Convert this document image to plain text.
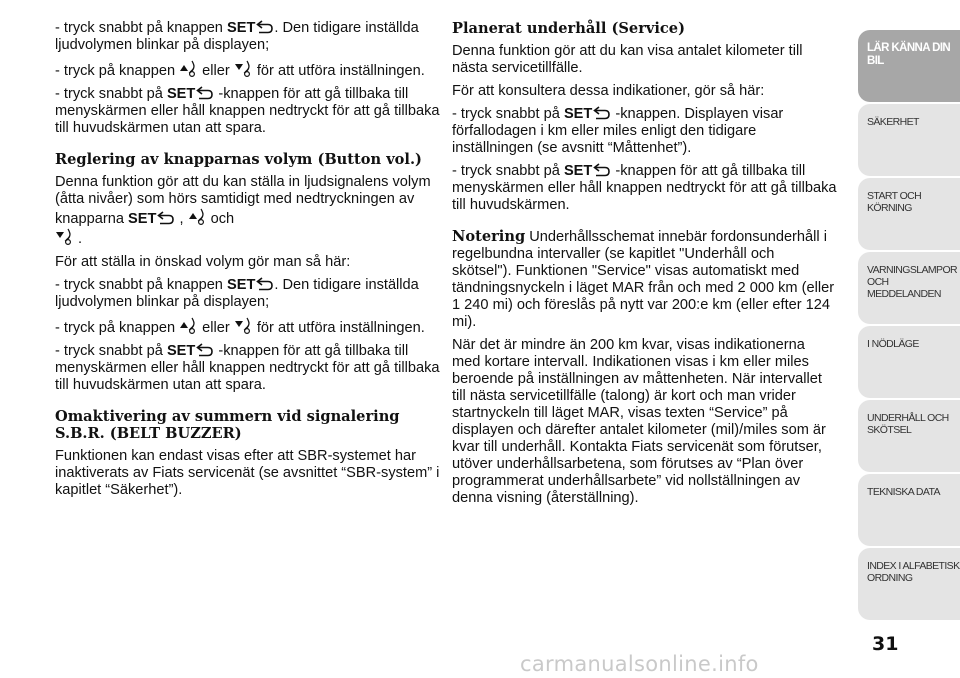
- tryck snabbt på knappen SET . Den tidigare inställda ljudvolymen blinkar på displayen;

- tryck på knappen
eller
för att utföra inställningen.

- tryck snabbt på SET
-knappen för att gå tillbaka till menyskärmen eller håll knappen nedtryckt för att gå tillbaka till huvudskärmen utan att spara.

Reglering av knapparnas volym (Button vol.)

Denna funktion gör att du kan ställa in ljudsignalens volym (åtta nivåer) som hörs samtidigt med nedtryckningen av knapparna SET
,
och

.

För att ställa in önskad volym gör man så här:

- tryck snabbt på knappen SET . Den tidigare inställda ljudvolymen blinkar på displayen;

- tryck på knappen
eller
för att utföra inställningen.

- tryck snabbt på SET
-knappen för att gå tillbaka till menyskärmen eller håll knappen nedtryckt för att gå tillbaka till huvudskärmen utan att spara.

Omaktivering av summern vid signalering S.B.R. (BELT BUZZER)

Funktionen kan endast visas efter att SBR-systemet har inaktiverats av Fiats servicenät (se avsnittet “SBR-system” i kapitlet “Säkerhet”).

Planerat underhåll (Service)

Denna funktion gör att du kan visa antalet kilometer till nästa servicetillfälle.

För att konsultera dessa indikationer, gör så här:

- tryck snabbt på SET
-knappen. Displayen visar förfallodagen i km eller miles enligt den tidigare inställningen (se avsnitt “Måttenhet”).

- tryck snabbt på SET
-knappen för att gå tillbaka till menyskärmen eller håll knappen nedtryckt för att gå tillbaka till huvudskärmen.

Notering Underhållsschemat innebär fordonsunderhåll i regelbundna intervaller (se kapitlet "Underhåll och skötsel"). Funktionen "Service" visas automatiskt med tändningsnyckeln i läget MAR från och med 2 000 km (eller 1 240 mi) och föreslås på nytt var 200:e km (eller efter 124 mi).

När det är mindre än 200 km kvar, visas indikationerna med kortare intervall. Indikationen visas i km eller miles beroende på inställningen av måttenheten. När intervallet till nästa servicetillfälle (talong) är kort och man vrider startnyckeln till läget MAR, visas texten “Service” på displayen och därefter antalet kilometer (mil)/miles som är kvar till underhåll. Kontakta Fiats servicenät som förutser, utöver underhållsarbetena, som förutses av “Plan över programmerat underhållsarbete” vid nollställningen av denna visning (återställning).

LÄR KÄNNA DIN
BIL
SÄKERHET
START OCH
KÖRNING
VARNINGSLAMPOR
OCH
MEDDELANDEN
I NÖDLÄGE
UNDERHÅLL OCH
SKÖTSEL
TEKNISKA DATA
INDEX I ALFABETISK
ORDNING
31
carmanualsonline.info
